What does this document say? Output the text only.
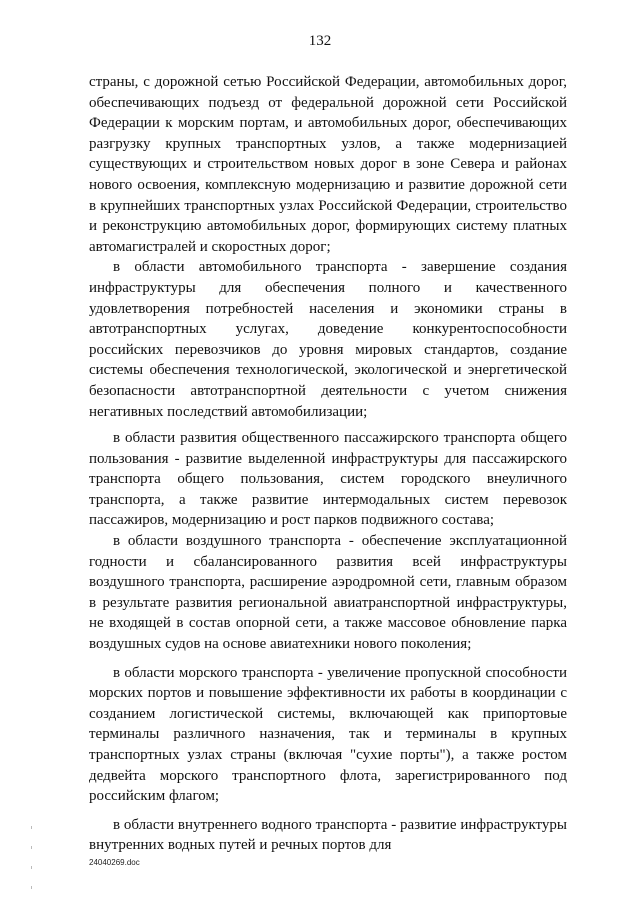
132

страны, с дорожной сетью Российской Федерации, автомобильных дорог, обеспечивающих подъезд от федеральной дорожной сети Российской Федерации к морским портам, и автомобильных дорог, обеспечивающих разгрузку крупных транспортных узлов, а также модернизацией существующих и строительством новых дорог в зоне Севера и районах нового освоения, комплексную модернизацию и развитие дорожной сети в крупнейших транспортных узлах Российской Федерации, строительство и реконструкцию автомобильных дорог, формирующих систему платных автомагистралей и скоростных дорог;

в области автомобильного транспорта - завершение создания инфраструктуры для обеспечения полного и качественного удовлетворения потребностей населения и экономики страны в автотранспортных услугах, доведение конкурентоспособности российских перевозчиков до уровня мировых стандартов, создание системы обеспечения технологической, экологической и энергетической безопасности автотранспортной деятельности с учетом снижения негативных последствий автомобилизации;

в области развития общественного пассажирского транспорта общего пользования - развитие выделенной инфраструктуры для пассажирского транспорта общего пользования, систем городского внеуличного транспорта, а также развитие интермодальных систем перевозок пассажиров, модернизацию и рост парков подвижного состава;

в области воздушного транспорта - обеспечение эксплуатационной годности и сбалансированного развития всей инфраструктуры воздушного транспорта, расширение аэродромной сети, главным образом в результате развития региональной авиатранспортной инфраструктуры, не входящей в состав опорной сети, а также массовое обновление парка воздушных судов на основе авиатехники нового поколения;

в области морского транспорта - увеличение пропускной способности морских портов и повышение эффективности их работы в координации с созданием логистической системы, включающей как припортовые терминалы различного назначения, так и терминалы в крупных транспортных узлах страны (включая "сухие порты"), а также ростом дедвейта морского транспортного флота, зарегистрированного под российским флагом;

в области внутреннего водного транспорта - развитие инфраструктуры внутренних водных путей и речных портов для

24040269.doc
